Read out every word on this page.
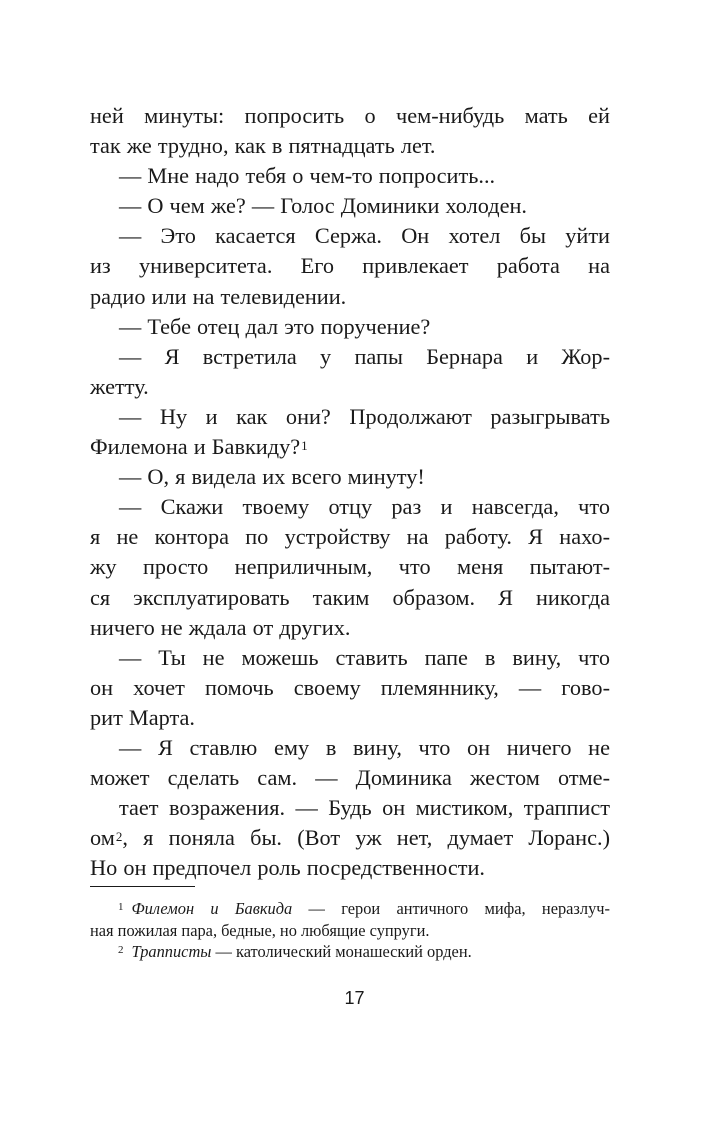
ней минуты: попросить о чем-нибудь мать ей
так же трудно, как в пятнадцать лет.
— Мне надо тебя о чем-то попросить...
— О чем же? — Голос Доминики холоден.
— Это касается Сержа. Он хотел бы уйти
из университета. Его привлекает работа на
радио или на телевидении.
— Тебе отец дал это поручение?
— Я встретила у папы Бернара и Жор-
жетту.
— Ну и как они? Продолжают разыгрывать
Филемона и Бавкиду?$^1$
— О, я видела их всего минуту!
— Скажи твоему отцу раз и навсегда, что
я не контора по устройству на работу. Я нахо-
жу просто неприличным, что меня пытают-
ся эксплуатировать таким образом. Я никогда
ничего не ждала от других.
— Ты не можешь ставить папе в вину, что
он хочет помочь своему племяннику, — гово-
рит Марта.
— Я ставлю ему в вину, что он ничего не
может сделать сам. — Доминика жестом отме-
тает возражения. — Будь он мистиком, траппист
$ом^2$, я поняла бы. (Вот уж нет, думает Лоранс.)
Но он предпочел роль посредственности.
$^1$ Филемон и Бавкида — герои античного мифа, неразлуч-
ная пожилая пара, бедные, но любящие супруги.
$^2$ Трапписты — католический монашеский орден.
17
